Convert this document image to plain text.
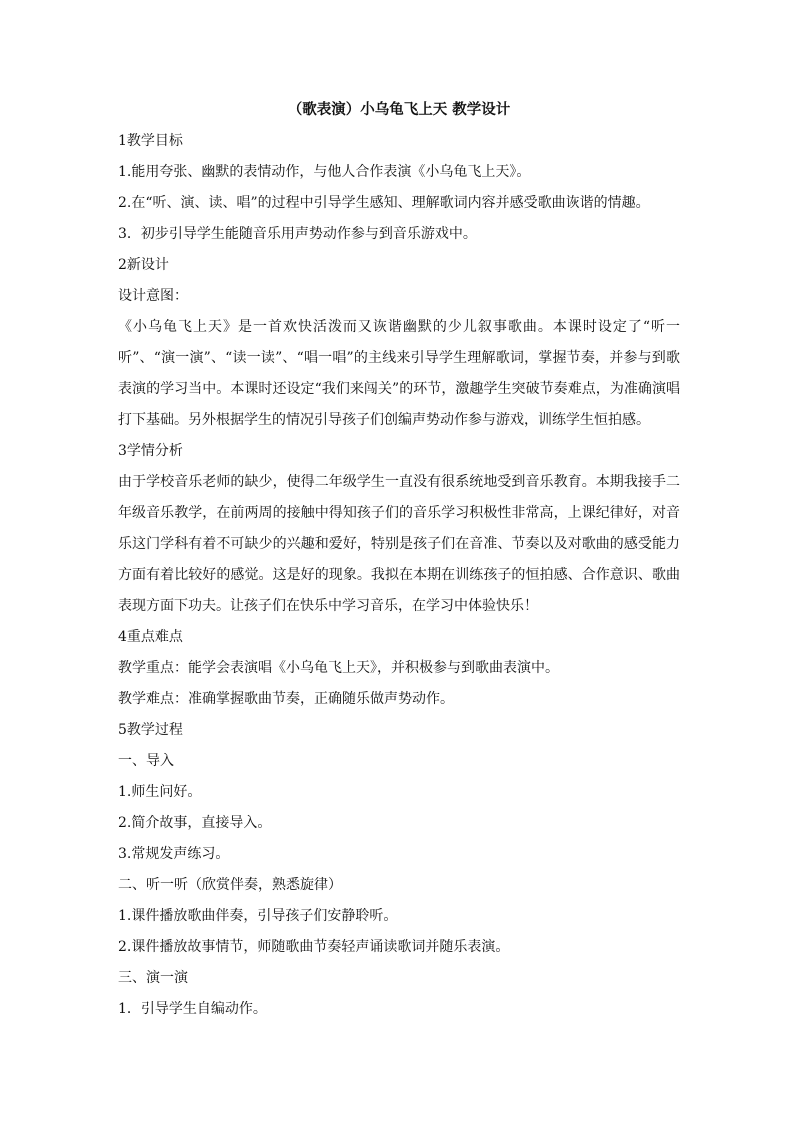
（歌表演）小乌龟飞上天 教学设计

1教学目标

1.能用夸张、幽默的表情动作，与他人合作表演《小乌龟飞上天》。

2.在“听、演、读、唱”的过程中引导学生感知、理解歌词内容并感受歌曲诙谐的情趣。

3．初步引导学生能随音乐用声势动作参与到音乐游戏中。

2新设计

设计意图：

《小乌龟飞上天》是一首欢快活泼而又诙谐幽默的少儿叙事歌曲。本课时设定了“听一听”、“演一演”、“读一读”、“唱一唱”的主线来引导学生理解歌词，掌握节奏，并参与到歌表演的学习当中。本课时还设定“我们来闯关”的环节，激趣学生突破节奏难点，为准确演唱打下基础。另外根据学生的情况引导孩子们创编声势动作参与游戏，训练学生恒拍感。

3学情分析

由于学校音乐老师的缺少，使得二年级学生一直没有很系统地受到音乐教育。本期我接手二年级音乐教学，在前两周的接触中得知孩子们的音乐学习积极性非常高，上课纪律好，对音乐这门学科有着不可缺少的兴趣和爱好，特别是孩子们在音准、节奏以及对歌曲的感受能力方面有着比较好的感觉。这是好的现象。我拟在本期在训练孩子的恒拍感、合作意识、歌曲表现方面下功夫。让孩子们在快乐中学习音乐，在学习中体验快乐！

4重点难点

教学重点：能学会表演唱《小乌龟飞上天》，并积极参与到歌曲表演中。

教学难点：准确掌握歌曲节奏，正确随乐做声势动作。

5教学过程

一、导入

1.师生问好。

2.简介故事，直接导入。

3.常规发声练习。

二、听一听（欣赏伴奏，熟悉旋律）

1.课件播放歌曲伴奏，引导孩子们安静聆听。

2.课件播放故事情节，师随歌曲节奏轻声诵读歌词并随乐表演。

三、演一演

1．引导学生自编动作。
